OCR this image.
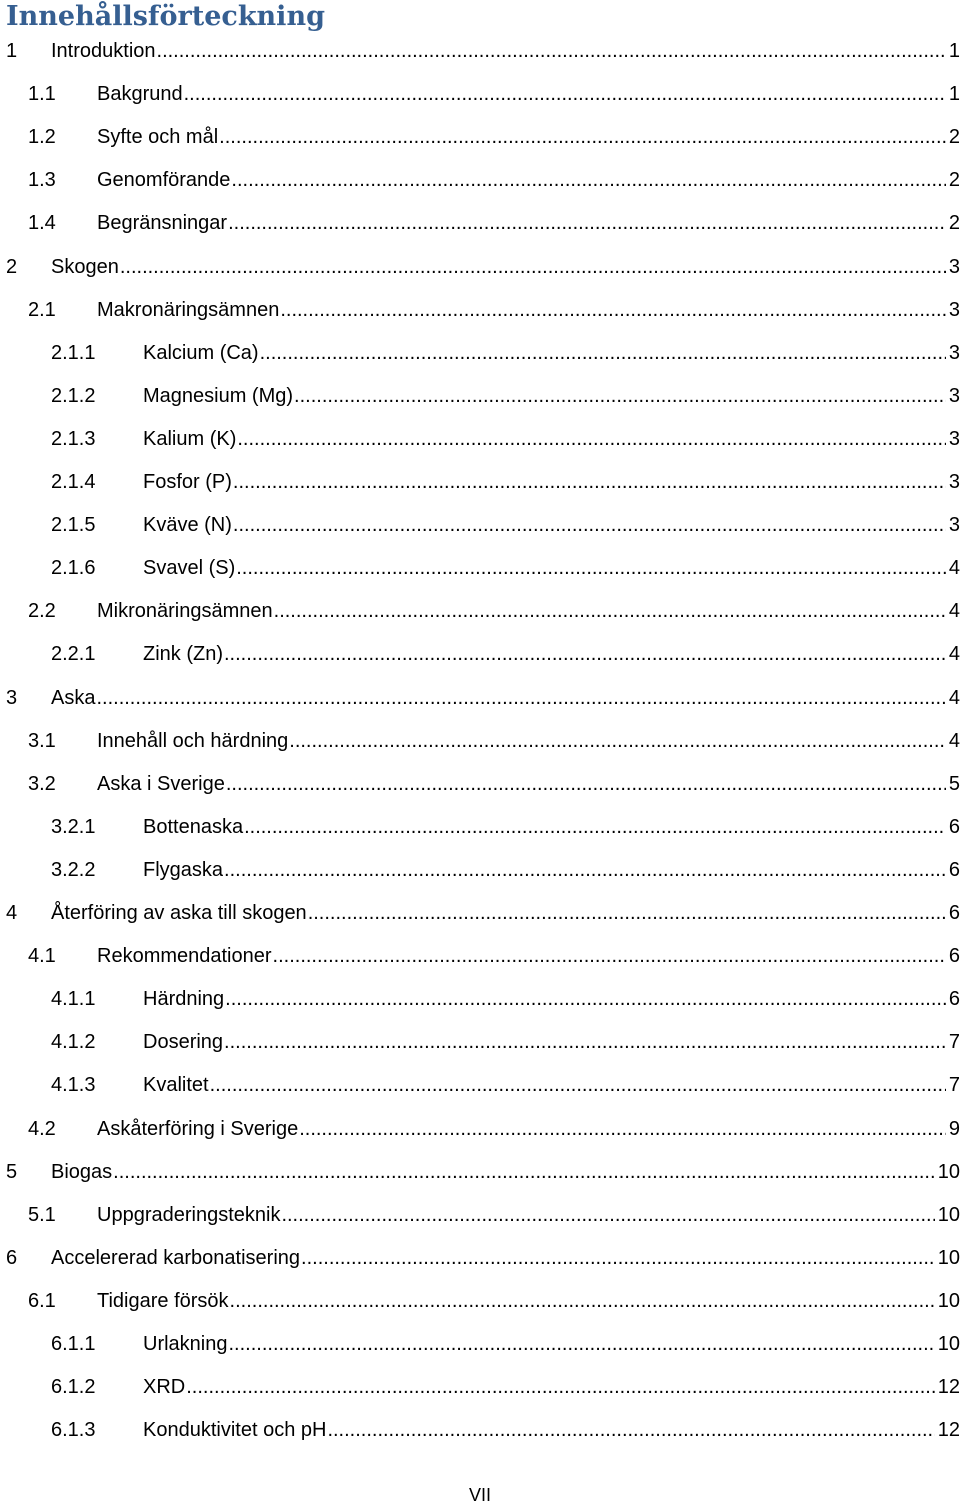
Innehållsförteckning
1 Introduktion .....	1
1.1 Bakgrund .....	1
1.2 Syfte och mål .....	2
1.3 Genomförande .....	2
1.4 Begränsningar .....	2
2 Skogen .....	3
2.1 Makronäringsämnen .....	3
2.1.1 Kalcium (Ca) .....	3
2.1.2 Magnesium (Mg) .....	3
2.1.3 Kalium (K) .....	3
2.1.4 Fosfor (P) .....	3
2.1.5 Kväve (N) .....	3
2.1.6 Svavel (S) .....	4
2.2 Mikronäringsämnen .....	4
2.2.1 Zink (Zn) .....	4
3 Aska .....	4
3.1 Innehåll och härdning .....	4
3.2 Aska i Sverige .....	5
3.2.1 Bottenaska .....	6
3.2.2 Flygaska .....	6
4 Återföring av aska till skogen .....	6
4.1 Rekommendationer .....	6
4.1.1 Härdning .....	6
4.1.2 Dosering .....	7
4.1.3 Kvalitet .....	7
4.2 Askåterföring i Sverige .....	9
5 Biogas .....	10
5.1 Uppgraderingsteknik .....	10
6 Accelererad karbonatisering .....	10
6.1 Tidigare försök .....	10
6.1.1 Urlakning .....	10
6.1.2 XRD .....	12
6.1.3 Konduktivitet och pH .....	12
VII
